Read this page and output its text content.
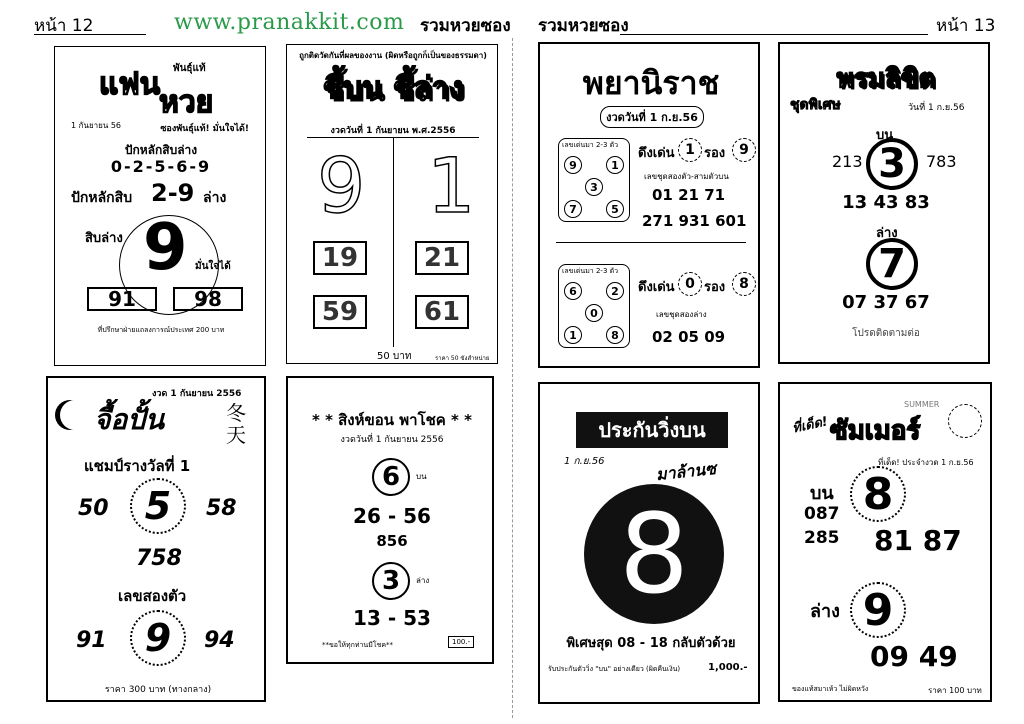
หน้า 12	www.pranakkit.com รวมหวยซอง รวมหวยซอง	หน้า 13
พันธุ์แท้
แฟน
หวย
ซองพันธุ์แท้! มั่นใจได้!
1 กันยายน 56
ปักหลักสิบล่าง
0-2-5-6-9
ปักหลักสิบ 2-9 ล่าง
สิบล่าง 9 มั่นใจได้
91	98
ที่ปรึกษาฝ่ายแถลงการณ์ประเทศ 200 บาท
ถูกติดวัดกันที่ผลของงาน (ผิดหรือถูกก็เป็นของธรรมดา)
ชี้บน ชี้ล่าง
งวดวันที่ 1 กันยายน พ.ศ.2556
9 1
19	21
59	61
50 บาท	ราคา 50 ขังสำหน่าย
พยานิราช
งวดวันที่ 1 ก.ย.56
เลขเด่นมา 2-3 ตัว
9	1
3
7	5
ดึงเด่น 1 รอง 9
เลขชุดสองตัว-สามตัวบน
01 21 71
271 931 601
เลขเด่นมา 2-3 ตัว
6	2
0
1	8
ดึงเด่น 0 รอง 8
เลขชุดสองล่าง
02 05 09
พรมลิขิต
ชุดพิเศษ	วันที่ 1 ก.ย.56
บน
213 3	783
13 43 83
ล่าง
7
07 37 67
โปรดติดตามต่อ
งวด 1 กันยายน 2556
จื้อปั้น	冬天
แชมป์รางวัลที่ 1
50 5	58
758
เลขสองตัว
91	9	94
ราคา 300 บาท (ทางกลาง)
* * สิงห์ขอน พาโชค * *
งวดวันที่ 1 กันยายน 2556
6	บน
26 - 56
856
3	ล่าง
13 - 53
**ขอให้ทุกท่านมีโชค**	100.-
ประกันวิ่งบน
1 ก.ย.56	มาล้านซ
8
พิเศษสุด 08 - 18 กลับตัวด้วย
รับประกันตัววิ่ง "บน" อย่างเดียว (ผิดคืนเงิน)	1,000.-
ที่เด็ด!
SUMMER
ซัมเมอร์
ที่เด็ด! ประจำงวด 1 ก.ย.56
บน 8
087
285 81 87
ล่าง 9
09 49
ของแท้สมาเห้ว ไม่ผิดหวัง	ราคา 100 บาท
